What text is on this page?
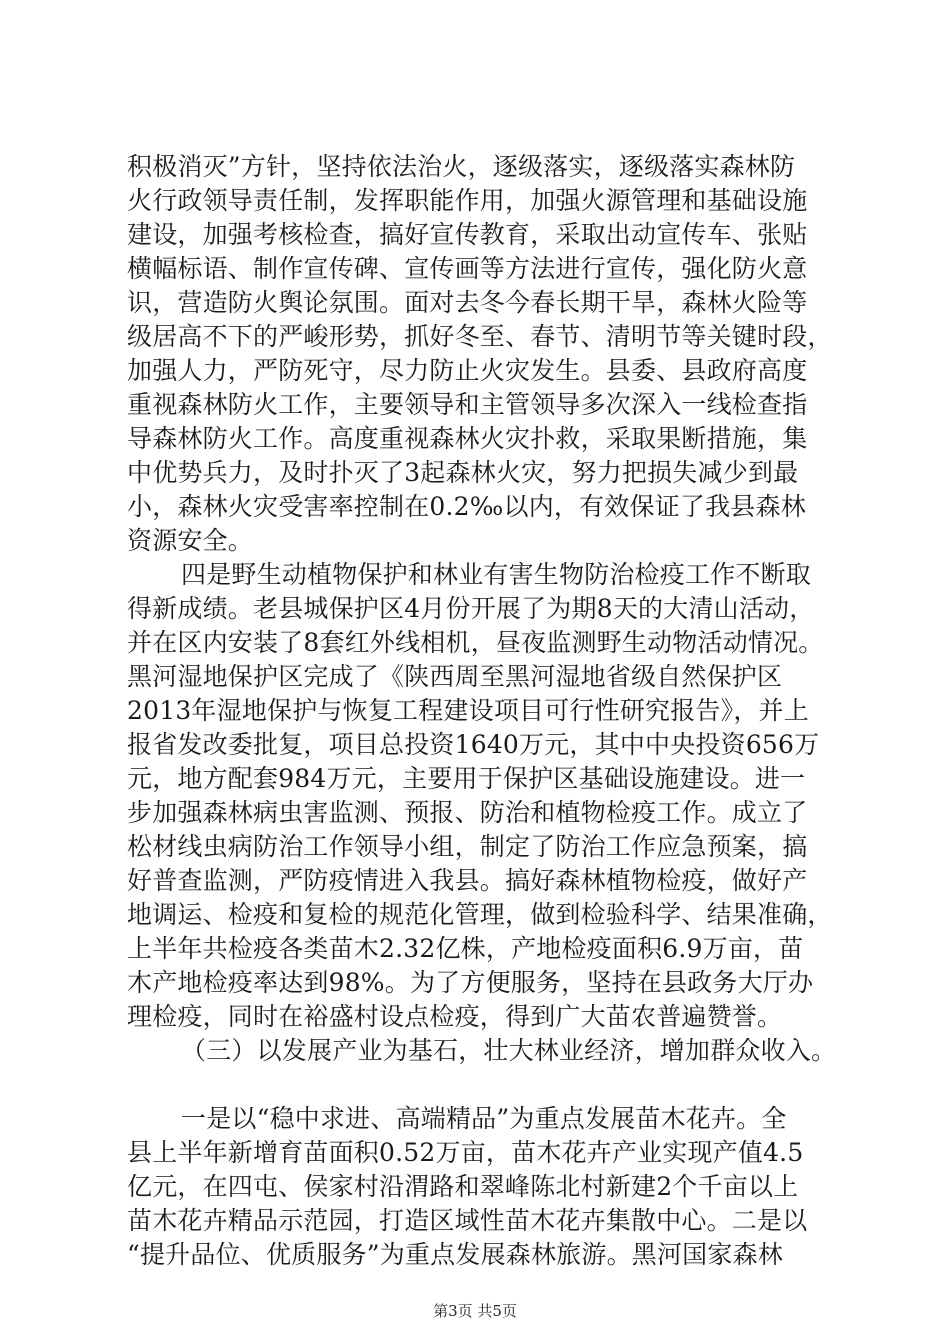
积极消灭”方针，坚持依法治火，逐级落实，逐级落实森林防
火行政领导责任制，发挥职能作用，加强火源管理和基础设施
建设，加强考核检查，搞好宣传教育，采取出动宣传车、张贴
横幅标语、制作宣传碑、宣传画等方法进行宣传，强化防火意
识，营造防火舆论氛围。面对去冬今春长期干旱，森林火险等
级居高不下的严峻形势，抓好冬至、春节、清明节等关键时段，
加强人力，严防死守，尽力防止火灾发生。县委、县政府高度
重视森林防火工作，主要领导和主管领导多次深入一线检查指
导森林防火工作。高度重视森林火灾扑救，采取果断措施，集
中优势兵力，及时扑灭了3起森林火灾，努力把损失减少到最
小，森林火灾受害率控制在0.2‰以内，有效保证了我县森林
资源安全。
四是野生动植物保护和林业有害生物防治检疫工作不断取
得新成绩。老县城保护区4月份开展了为期8天的大清山活动，
并在区内安装了8套红外线相机，昼夜监测野生动物活动情况。
黑河湿地保护区完成了《陕西周至黑河湿地省级自然保护区
2013年湿地保护与恢复工程建设项目可行性研究报告》，并上
报省发改委批复，项目总投资1640万元，其中中央投资656万
元，地方配套984万元，主要用于保护区基础设施建设。进一
步加强森林病虫害监测、预报、防治和植物检疫工作。成立了
松材线虫病防治工作领导小组，制定了防治工作应急预案，搞
好普查监测，严防疫情进入我县。搞好森林植物检疫，做好产
地调运、检疫和复检的规范化管理，做到检验科学、结果准确，
上半年共检疫各类苗木2.32亿株，产地检疫面积6.9万亩，苗
木产地检疫率达到98%。为了方便服务，坚持在县政务大厅办
理检疫，同时在裕盛村设点检疫，得到广大苗农普遍赞誉。
（三）以发展产业为基石，壮大林业经济，增加群众收入。
一是以“稳中求进、高端精品”为重点发展苗木花卉。全
县上半年新增育苗面积0.52万亩，苗木花卉产业实现产值4.5
亿元，在四屯、侯家村沿渭路和翠峰陈北村新建2个千亩以上
苗木花卉精品示范园，打造区域性苗木花卉集散中心。二是以
“提升品位、优质服务”为重点发展森林旅游。黑河国家森林
第3页 共5页
